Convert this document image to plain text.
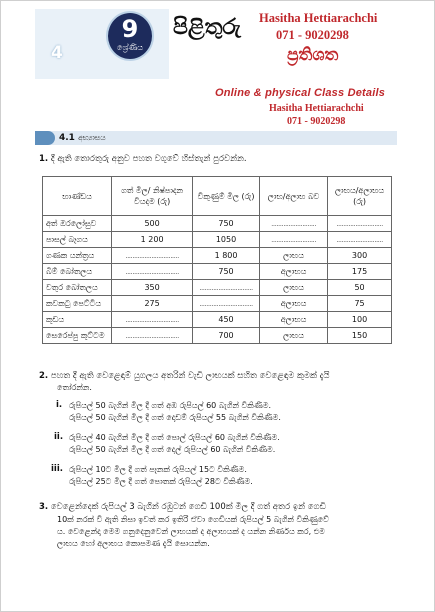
4
9
ශ්‍රේණිය
පිළිතුරු Hasitha Hettiarachchi
071 - 9020298
ප්‍රතිශත
Online & physical Class Details
Hasitha Hettiarachchi
071 - 9020298
4.1 අභ්‍යාසය
1. දී ඇති තොරතුරු අනුව පහත වගුවේ හිස්තැන් පුරවන්න.
භාණ්ඩය	ගත් මිල/ නිෂ්පාදන වියදම (රු)	විකුණුම් මිල (රු)	ලාභ/අලාභ බව	ලාභය/අලාභය (රු)
අත් ඔරලෝසුව	500	750	..........................	...........................
පාසල් බෑගය	1 200	1050	..........................	...........................
ගණක යන්ත්‍රය	...............................	1 800	ලාභය	300
බිම් බෝතලය	...............................	750	අලාභය	175
වතුර බෝතලය	350	...............................	ලාභය	50
කවකටු පෙට්ටිය	275	...............................	අලාභය	75
කුඩය	...............................	450	අලාභය	100
සෙරෙප්පු කුට්ටම	...............................	700	ලාභය	150
2. පහත දී ඇති වෙළෙඳාම් යුගලය අතරින් වැඩි ලාභයක් සහිත වෙළෙඳාම කුමක් දැයි
තෝරන්න.
i. රුපියල් 50 බැගින් මිල දී ගත් අඹ රුපියල් 60 බැගින් විකිණීම.
රුපියල් 50 බැගින් මිල දී ගත් දොඩම් රුපියල් 55 බැගින් විකිණීම.
ii. රුපියල් 40 බැගින් මිල දී ගත් පොල් රුපියල් 60 බැගින් විකිණීම.
රුපියල් 50 බැගින් මිල දී ගත් දෙල් රුපියල් 60 බැගින් විකිණීම.
iii. රුපියල් 10ට මිල දී ගත් පෑනක් රුපියල් 15ට විකිණීම.
රුපියල් 25ට මිල දී ගත් පොතක් රුපියල් 28ට විකිණීම.
3. වෙළෙන්දෙක් රුපියල් 3 බැගින් රඹුටන් ගෙඩි 100ක් මිල දී ගත් අතර ඉන් ගෙඩි
10ක් නරක් වී ඇති නිසා ඉවත් කර ඉතිරි ඒවා ගෙඩියක් රුපියල් 5 බැගින් විකිණුවේ
ය. වෙළෙන්දා මෙම ගනුදෙනුවෙන් ලාභයක් ද අලාභයක් ද යන්න නිර්ණය කර, එම
ලාභය හෝ අලාභය කොපමණ දැයි සොයන්න.
